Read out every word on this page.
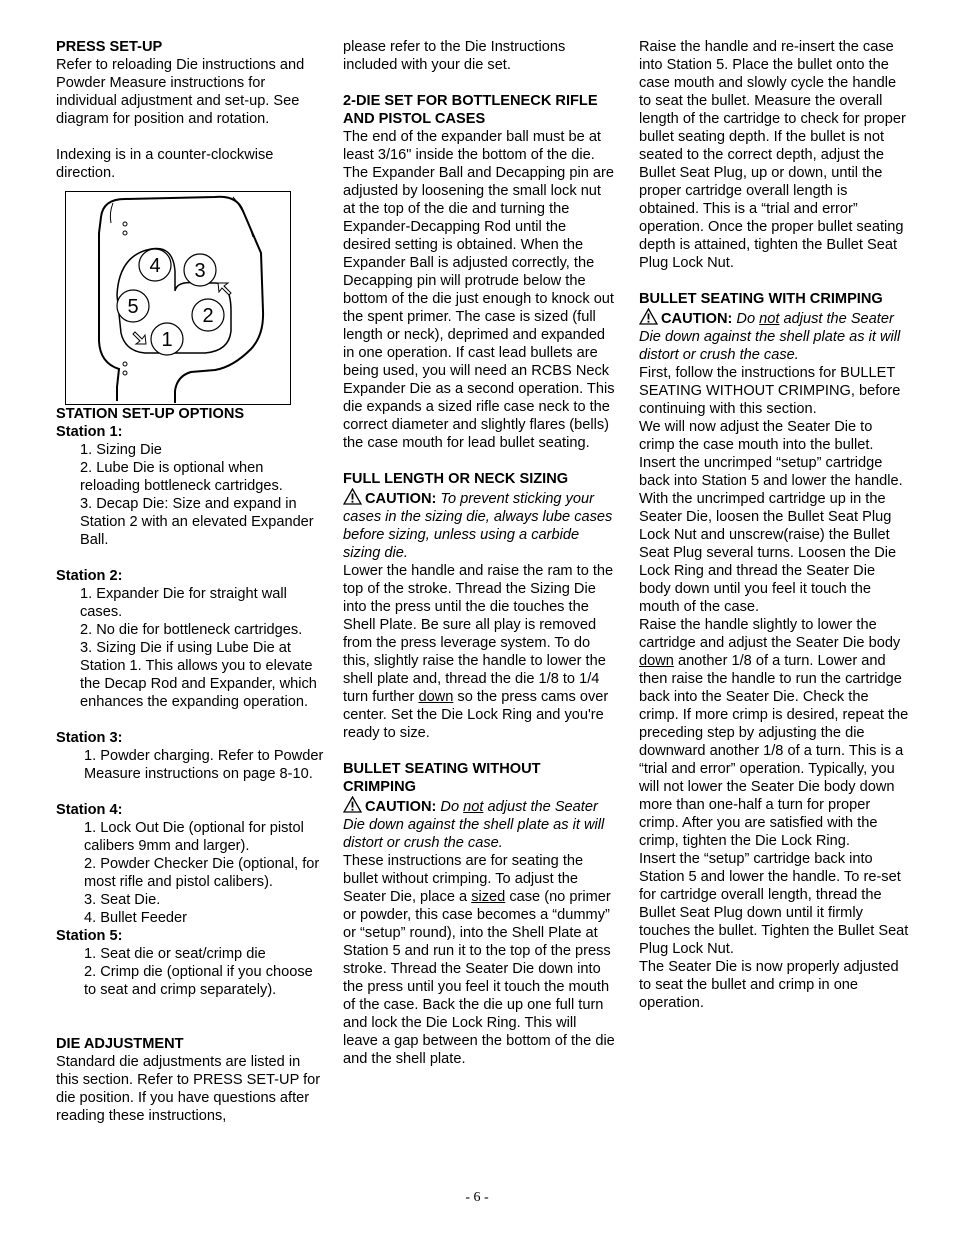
PRESS SET-UP

Refer to reloading Die instructions and Powder Measure instructions for individual adjustment and set-up. See diagram for position and rotation.

Indexing is in a counter-clockwise direction.

4 3
5	2
1

STATION SET-UP OPTIONS

Station 1:

1. Sizing Die

2. Lube Die is optional when reloading bottleneck cartridges.

3. Decap Die: Size and expand in Station 2 with an elevated Expander Ball.

Station 2:

1. Expander Die for straight wall cases.

2. No die for bottleneck cartridges.

3. Sizing Die if using Lube Die at Station 1. This allows you to elevate the Decap Rod and Expander, which enhances the expanding operation.

Station 3:

1. Powder charging. Refer to Powder Measure instructions on page 8-10.

Station 4:

1. Lock Out Die (optional for pistol calibers 9mm and larger).

2. Powder Checker Die (optional, for most rifle and pistol calibers).

3. Seat Die.

4. Bullet Feeder

Station 5:

1. Seat die or seat/crimp die

2. Crimp die (optional if you choose to seat and crimp separately).

DIE ADJUSTMENT

Standard die adjustments are listed in this section. Refer to PRESS SET-UP for die position. If you have questions after reading these instructions,

please refer to the Die Instructions included with your die set.

2-DIE SET FOR BOTTLENECK RIFLE AND PISTOL CASES

The end of the expander ball must be at least 3/16" inside the bottom of the die. The Expander Ball and Decapping pin are adjusted by loosening the small lock nut at the top of the die and turning the Expander-Decapping Rod until the desired setting is obtained. When the Expander Ball is adjusted correctly, the Decapping pin will protrude below the bottom of the die just enough to knock out the spent primer. The case is sized (full length or neck), deprimed and expanded in one operation. If cast lead bullets are being used, you will need an RCBS Neck Expander Die as a second operation. This die expands a sized rifle case neck to the correct diameter and slightly flares (bells) the case mouth for lead bullet seating.

FULL LENGTH OR NECK SIZING

CAUTION: To prevent sticking your cases in the sizing die, always lube cases before sizing, unless using a carbide sizing die.

Lower the handle and raise the ram to the top of the stroke. Thread the Sizing Die into the press until the die touches the Shell Plate. Be sure all play is removed from the press leverage system. To do this, slightly raise the handle to lower the shell plate and, thread the die 1/8 to 1/4 turn further down so the press cams over center. Set the Die Lock Ring and you're ready to size.

BULLET SEATING WITHOUT CRIMPING

CAUTION: Do not adjust the Seater Die down against the shell plate as it will distort or crush the case.

These instructions are for seating the bullet without crimping. To adjust the Seater Die, place a sized case (no primer or powder, this case becomes a “dummy” or “setup” round), into the Shell Plate at Station 5 and run it to the top of the press stroke. Thread the Seater Die down into the press until you feel it touch the mouth of the case. Back the die up one full turn and lock the Die Lock Ring. This will leave a gap between the bottom of the die and the shell plate.

Raise the handle and re-insert the case into Station 5. Place the bullet onto the case mouth and slowly cycle the handle to seat the bullet. Measure the overall length of the cartridge to check for proper bullet seating depth. If the bullet is not seated to the correct depth, adjust the Bullet Seat Plug, up or down, until the proper cartridge overall length is obtained. This is a “trial and error” operation. Once the proper bullet seating depth is attained, tighten the Bullet Seat Plug Lock Nut.

BULLET SEATING WITH CRIMPING

CAUTION: Do not adjust the Seater Die down against the shell plate as it will distort or crush the case.

First, follow the instructions for BULLET SEATING WITHOUT CRIMPING, before continuing with this section.

We will now adjust the Seater Die to crimp the case mouth into the bullet. Insert the uncrimped “setup” cartridge back into Station 5 and lower the handle. With the uncrimped cartridge up in the Seater Die, loosen the Bullet Seat Plug Lock Nut and unscrew(raise) the Bullet Seat Plug several turns. Loosen the Die Lock Ring and thread the Seater Die body down until you feel it touch the mouth of the case.

Raise the handle slightly to lower the cartridge and adjust the Seater Die body down another 1/8 of a turn. Lower and then raise the handle to run the cartridge back into the Seater Die. Check the crimp. If more crimp is desired, repeat the preceding step by adjusting the die downward another 1/8 of a turn. This is a “trial and error” operation. Typically, you will not lower the Seater Die body down more than one-half a turn for proper crimp. After you are satisfied with the crimp, tighten the Die Lock Ring.

Insert the “setup” cartridge back into Station 5 and lower the handle. To re-set for cartridge overall length, thread the Bullet Seat Plug down until it firmly touches the bullet. Tighten the Bullet Seat Plug Lock Nut.

The Seater Die is now properly adjusted to seat the bullet and crimp in one operation.

- 6 -
